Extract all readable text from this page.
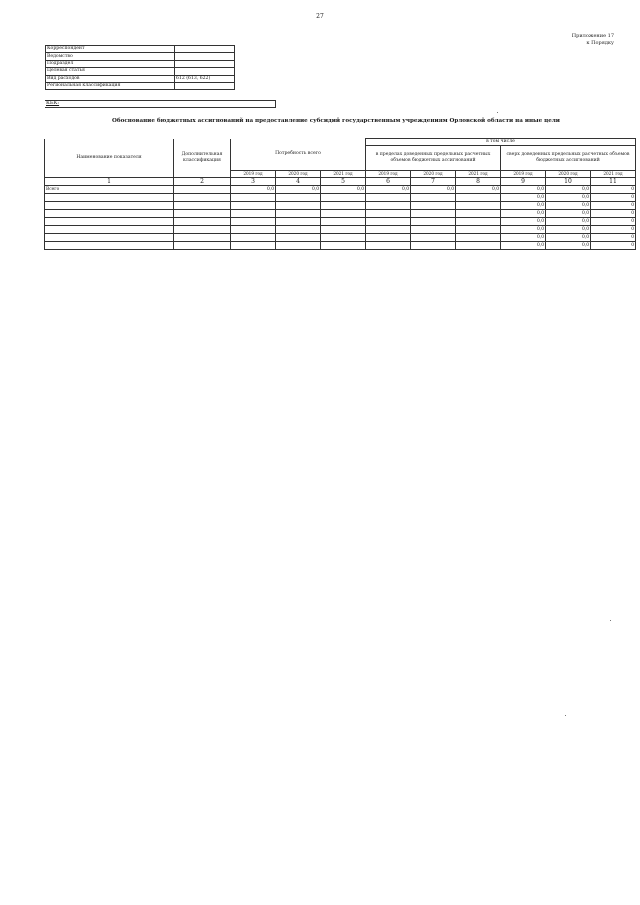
27
Приложение 17
к Порядку
Корреспондент	
Ведомство	
Подраздел	
Целевая статья	
Вид расходов	612 (613, 622)
Региональная классификация	
КБК:
Обоснование бюджетных ассигнований на предоставление субсидий государственным учреждениям Орловской области на иные цели
Наименование показателя	Дополнительная классификация	Потребность всего			в том числе					
					в пределах доведенных предельных расчетных объемов бюджетных ассигнований			сверх доведенных предельных расчетных объемов бюджетных ассигнований		

		2019 год	2020 год	2021 год	2019 год	2020 год	2021 год	2019 год	2020 год	2021 год
1	2	3	4	5	6	7	8	9	10	11
Всего		0,0	0,0	0,0	0,0	0,0	0,0	0,0	0,0	0
								0,0	0,0	0
								0,0	0,0	0
								0,0	0,0	0
								0,0	0,0	0
								0,0	0,0	0
								0,0	0,0	0
								0,0	0,0	0
